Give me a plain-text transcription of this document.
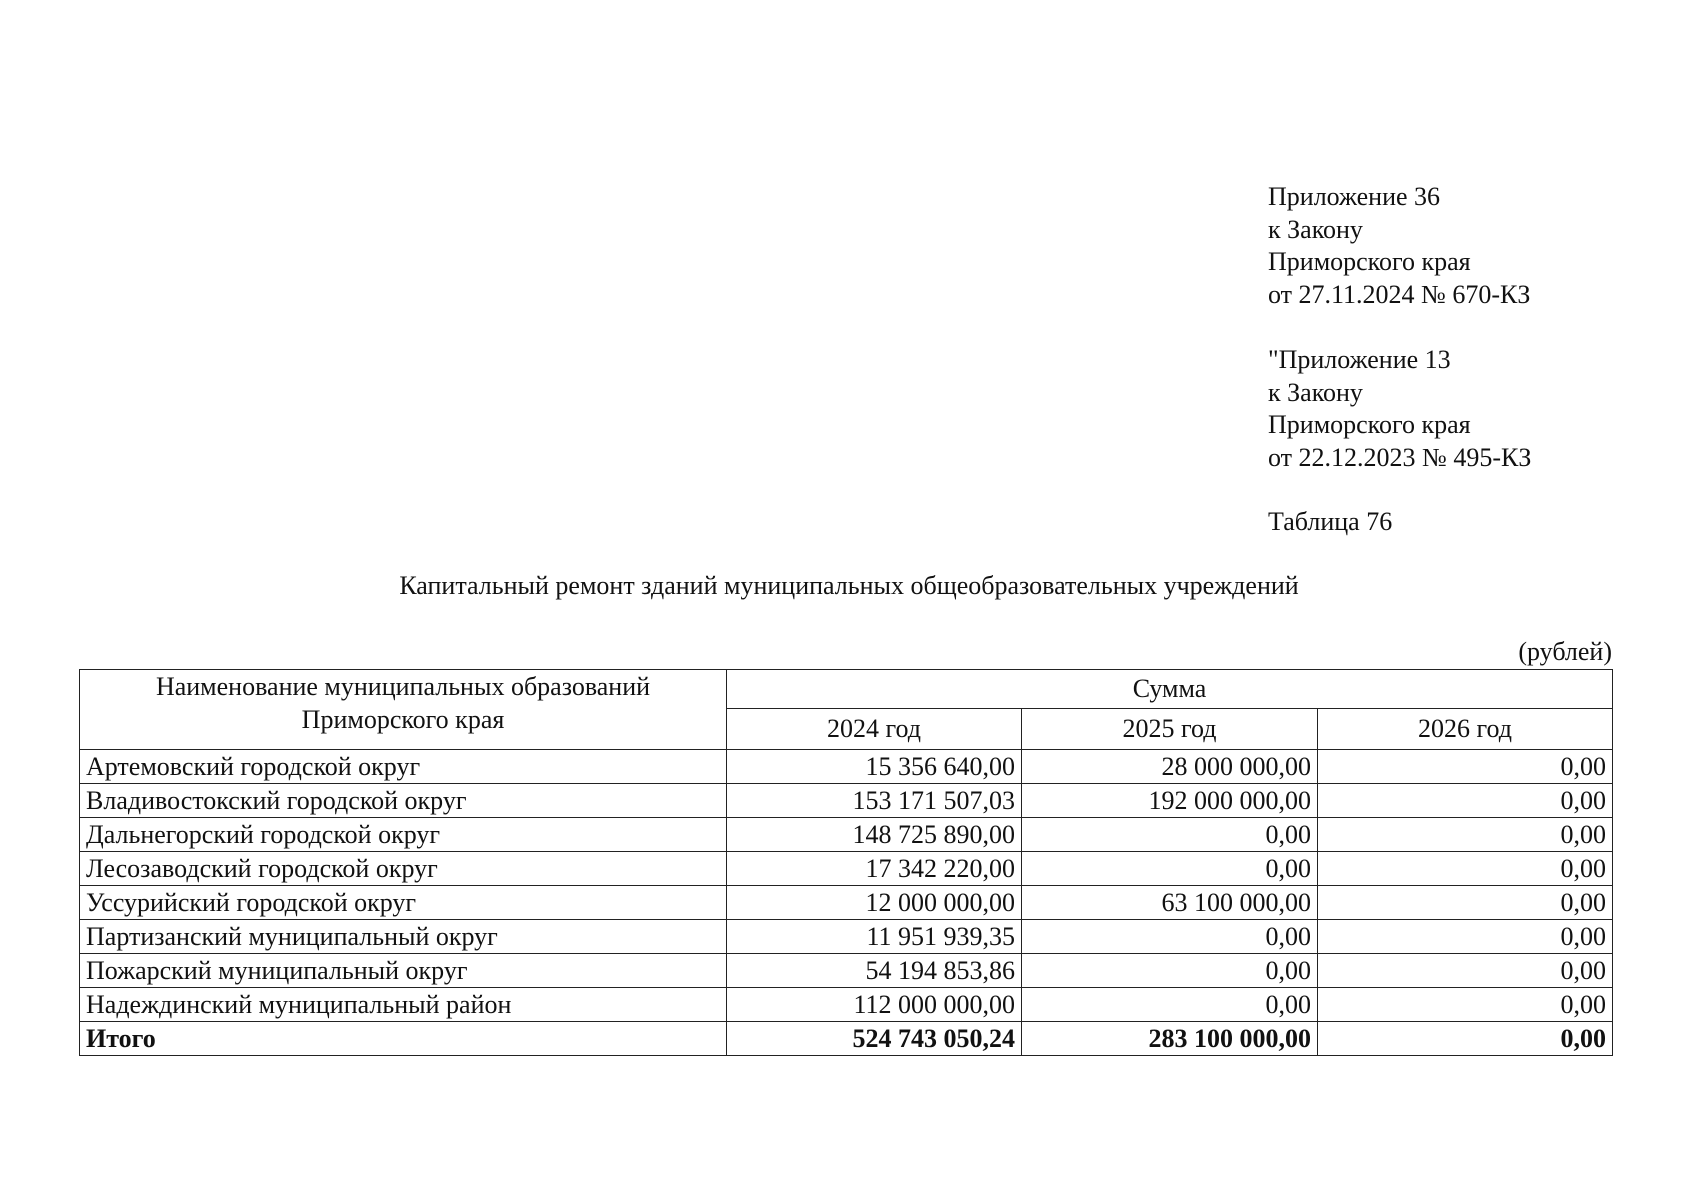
Приложение 36
к Закону
Приморского края
от 27.11.2024 № 670-КЗ
"Приложение 13
к Закону
Приморского края
от 22.12.2023 № 495-КЗ
Таблица 76
Капитальный ремонт зданий муниципальных общеобразовательных учреждений
(рублей)
Наименование муниципальных образований
Приморского края	Сумма		
	2024 год	2025 год	2026 год
Артемовский городской округ	15 356 640,00	28 000 000,00	0,00
Владивостокский городской округ	153 171 507,03	192 000 000,00	0,00
Дальнегорский городской округ	148 725 890,00	0,00	0,00
Лесозаводский городской округ	17 342 220,00	0,00	0,00
Уссурийский городской округ	12 000 000,00	63 100 000,00	0,00
Партизанский муниципальный округ	11 951 939,35	0,00	0,00
Пожарский муниципальный округ	54 194 853,86	0,00	0,00
Надеждинский муниципальный район	112 000 000,00	0,00	0,00
Итого	524 743 050,24	283 100 000,00	0,00
